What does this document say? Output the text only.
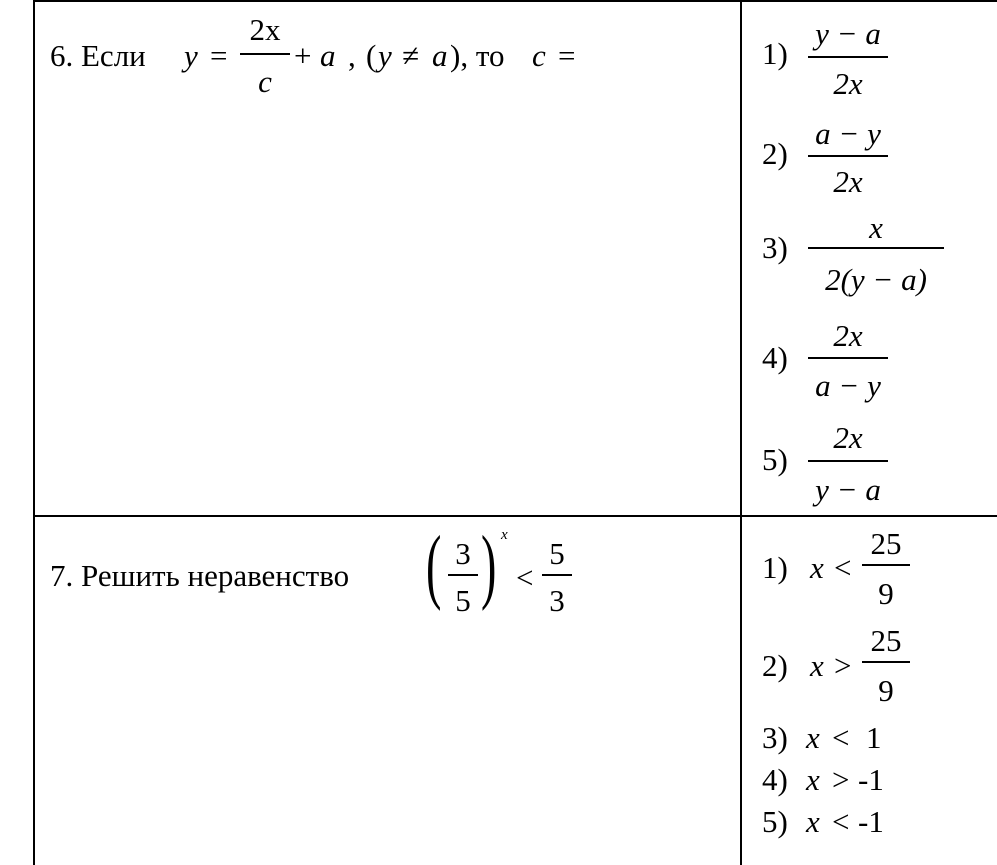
6. Если y =
2x
c
+ a , ( y ≠ a ), то c =	1)
y − a
2x
2)
a − y
2x
3)
x
2(y − a)
4)
2x
a − y
5)
2x
y − a
7. Решить неравенство ( 3
5 ) x
<
5
3
1) x <
25
9
2) x >
25
9
3) x < 1
4) x > -1
5) x < -1
